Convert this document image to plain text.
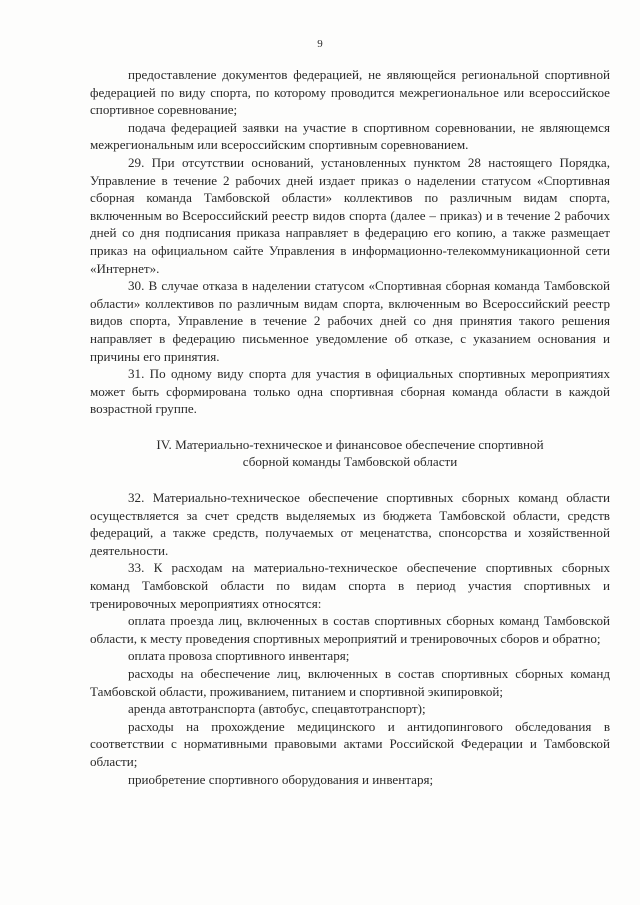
9

предоставление документов федерацией, не являющейся региональной спортивной федерацией по виду спорта, по которому проводится межрегиональное или всероссийское спортивное соревнование;

подача федерацией заявки на участие в спортивном соревновании, не являющемся межрегиональным или всероссийским спортивным соревнованием.

29. При отсутствии оснований, установленных пунктом 28 настоящего Порядка, Управление в течение 2 рабочих дней издает приказ о наделении статусом «Спортивная сборная команда Тамбовской области» коллективов по различным видам спорта, включенным во Всероссийский реестр видов спорта (далее – приказ) и в течение 2 рабочих дней со дня подписания приказа направляет в федерацию его копию, а также размещает приказ на официальном сайте Управления в информационно-телекоммуникационной сети «Интернет».

30. В случае отказа в наделении статусом «Спортивная сборная команда Тамбовской области» коллективов по различным видам спорта, включенным во Всероссийский реестр видов спорта, Управление в течение 2 рабочих дней со дня принятия такого решения направляет в федерацию письменное уведомление об отказе, с указанием основания и причины его принятия.

31. По одному виду спорта для участия в официальных спортивных мероприятиях может быть сформирована только одна спортивная сборная команда области в каждой возрастной группе.

IV. Материально-техническое и финансовое обеспечение спортивной
сборной команды Тамбовской области

32. Материально-техническое обеспечение спортивных сборных команд области осуществляется за счет средств выделяемых из бюджета Тамбовской области, средств федераций, а также средств, получаемых от меценатства, спонсорства и хозяйственной деятельности.

33. К расходам на материально-техническое обеспечение спортивных сборных команд Тамбовской области по видам спорта в период участия спортивных и тренировочных мероприятиях относятся:

оплата проезда лиц, включенных в состав спортивных сборных команд Тамбовской области, к месту проведения спортивных мероприятий и тренировочных сборов и обратно;

оплата провоза спортивного инвентаря;

расходы на обеспечение лиц, включенных в состав спортивных сборных команд Тамбовской области, проживанием, питанием и спортивной экипировкой;

аренда автотранспорта (автобус, спецавтотранспорт);

расходы на прохождение медицинского и антидопингового обследования в соответствии с нормативными правовыми актами Российской Федерации и Тамбовской области;

приобретение спортивного оборудования и инвентаря;
